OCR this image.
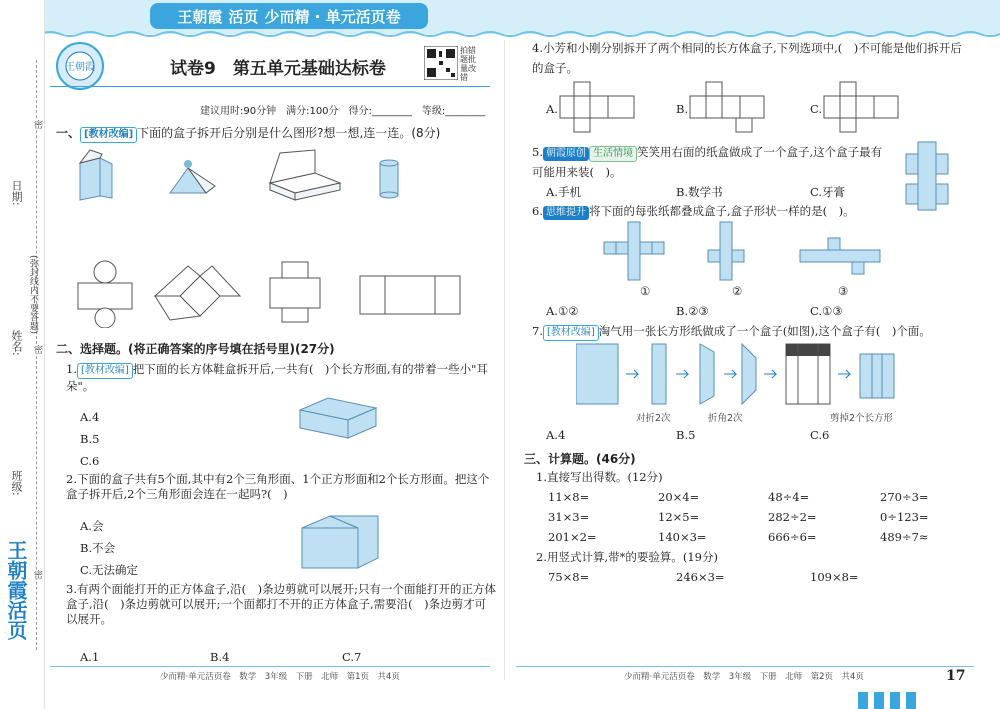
王朝霞 活页 少而精 · 单元活页卷
日期:
姓名:
班级:
(弥封线内不要答题)
密
密
密
王朝霞活页
王朝霞	试卷9　第五单元基础达标卷
拍错题批量改错
建议用时:90分钟　满分:100分　得分:________　等级:________
一、 [教材改编] 下面的盒子拆开后分别是什么图形?想一想,连一连。(8分)
二、选择题。(将正确答案的序号填在括号里)(27分)
1. [教材改编] 把下面的长方体鞋盒拆开后,一共有(　)个长方形面,有的带着一些小"耳朵"。
A.4
B.5
C.6
2.下面的盒子共有5个面,其中有2个三角形面、1个正方形面和2个长方形面。把这个盒子拆开后,2个三角形面会连在一起吗?(　)
A.会
B.不会
C.无法确定
3.有两个面能打开的正方体盒子,沿(　)条边剪就可以展开;只有一个面能打开的正方体盒子,沿(　)条边剪就可以展开;一个面都打不开的正方体盒子,需要沿(　)条边剪才可以展开。
A.1	B.4	C.7
少而精·单元活页卷　数学　3年级　下册　北师　第1页　共4页
4.小芳和小刚分别拆开了两个相同的长方体盒子,下列选项中,(　)不可能是他们拆开后的盒子。
A.	B.	C.
5. 朝霞原创 生活情境 笑笑用右面的纸盒做成了一个盒子,这个盒子最有可能用来装(　)。
A.手机	B.数学书	C.牙膏
6. 思维提升 将下面的每张纸都叠成盒子,盒子形状一样的是(　)。
①	②	③
A.①②	B.②③	C.①③
7. [教材改编] 淘气用一张长方形纸做成了一个盒子(如图),这个盒子有(　)个面。
对折2次	折角2次	剪掉2个长方形
A.4	B.5	C.6
三、计算题。(46分)
1.直接写出得数。(12分)
11×8=	20×4=	48÷4=	270÷3=
31×3=	12×5=	282÷2=	0÷123=
201×2=	140×3=	666÷6=	489÷7≈
2.用竖式计算,带*的要验算。(19分)
75×8=	246×3=	109×8=
少而精·单元活页卷　数学　3年级　下册　北师　第2页　共4页	17
